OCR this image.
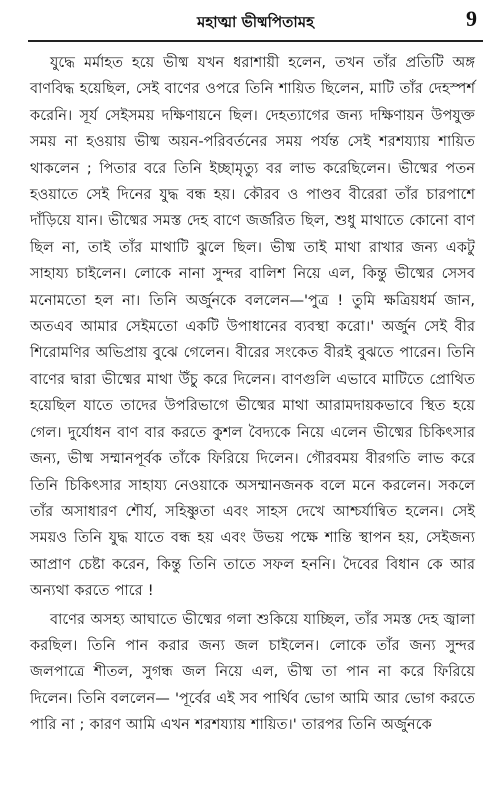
মহাত্মা ভীষ্মপিতামহ	9

যুদ্ধে মর্মাহত হয়ে ভীষ্ম যখন ধরাশায়ী হলেন, তখন তাঁর প্রতিটি অঙ্গ বাণবিদ্ধ হয়েছিল, সেই বাণের ওপরে তিনি শায়িত ছিলেন, মাটি তাঁর দেহস্পর্শ করেনি। সূর্য সেইসময় দক্ষিণায়নে ছিল। দেহত্যাগের জন্য দক্ষিণায়ন উপযুক্ত সময় না হওয়ায় ভীষ্ম অয়ন-পরিবর্তনের সময় পর্যন্ত সেই শরশয্যায় শায়িত থাকলেন ; পিতার বরে তিনি ইচ্ছামৃত্যু বর লাভ করেছিলেন। ভীষ্মের পতন হওয়াতে সেই দিনের যুদ্ধ বন্ধ হয়। কৌরব ও পাণ্ডব বীরেরা তাঁর চারপাশে দাঁড়িয়ে যান। ভীষ্মের সমস্ত দেহ বাণে জর্জরিত ছিল, শুধু মাথাতে কোনো বাণ ছিল না, তাই তাঁর মাথাটি ঝুলে ছিল। ভীষ্ম তাই মাথা রাখার জন্য একটু সাহায্য চাইলেন। লোকে নানা সুন্দর বালিশ নিয়ে এল, কিন্তু ভীষ্মের সেসব মনোমতো হল না। তিনি অর্জুনকে বললেন—'পুত্র ! তুমি ক্ষত্রিয়ধর্ম জান, অতএব আমার সেইমতো একটি উপাধানের ব্যবস্থা করো।' অর্জুন সেই বীর শিরোমণির অভিপ্রায় বুঝে গেলেন। বীরের সংকেত বীরই বুঝতে পারেন। তিনি বাণের দ্বারা ভীষ্মের মাথা উঁচু করে দিলেন। বাণগুলি এভাবে মাটিতে প্রোথিত হয়েছিল যাতে তাদের উপরিভাগে ভীষ্মের মাথা আরামদায়কভাবে স্থিত হয়ে গেল। দুর্যোধন বাণ বার করতে কুশল বৈদ্যকে নিয়ে এলেন ভীষ্মের চিকিৎসার জন্য, ভীষ্ম সম্মানপূর্বক তাঁকে ফিরিয়ে দিলেন। গৌরবময় বীরগতি লাভ করে তিনি চিকিৎসার সাহায্য নেওয়াকে অসম্মানজনক বলে মনে করলেন। সকলে তাঁর অসাধারণ শৌর্য, সহিষ্ণুতা এবং সাহস দেখে আশ্চর্যান্বিত হলেন। সেই সময়ও তিনি যুদ্ধ যাতে বন্ধ হয় এবং উভয় পক্ষে শান্তি স্থাপন হয়, সেইজন্য আপ্রাণ চেষ্টা করেন, কিন্তু তিনি তাতে সফল হননি। দৈবের বিধান কে আর অন্যথা করতে পারে !

বাণের অসহ্য আঘাতে ভীষ্মের গলা শুকিয়ে যাচ্ছিল, তাঁর সমস্ত দেহ জ্বালা করছিল। তিনি পান করার জন্য জল চাইলেন। লোকে তাঁর জন্য সুন্দর জলপাত্রে শীতল, সুগন্ধ জল নিয়ে এল, ভীষ্ম তা পান না করে ফিরিয়ে দিলেন। তিনি বললেন— 'পূর্বের এই সব পার্থিব ভোগ আমি আর ভোগ করতে পারি না ; কারণ আমি এখন শরশয্যায় শায়িত।' তারপর তিনি অর্জুনকে
